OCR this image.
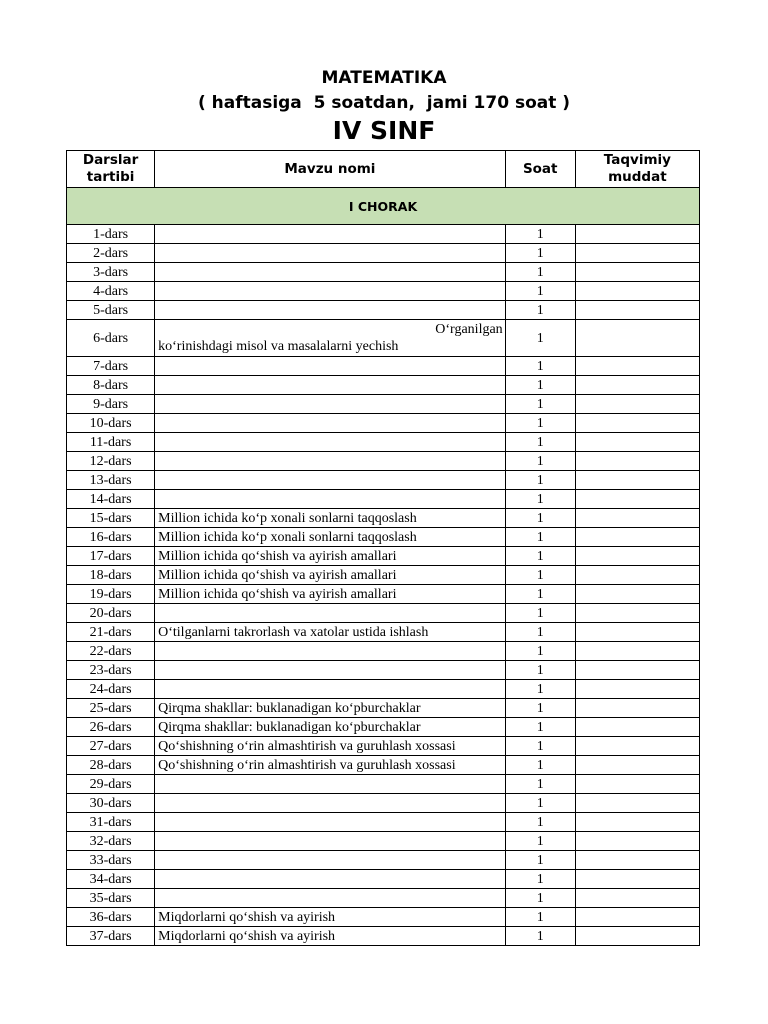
MATEMATIKA
( haftasiga  5 soatdan,  jami 170 soat )
IV SINF
Darslar tartibi	Mavzu nomi	Soat	Taqvimiy muddat
I CHORAK			
1-dars		1	
2-dars		1	
3-dars		1	
4-dars		1	
5-dars		1	
6-dars	O‘rganilgan
ko‘rinishdagi misol va masalalarni yechish	1	
7-dars		1	
8-dars		1	
9-dars		1	
10-dars		1	
11-dars		1	
12-dars		1	
13-dars		1	
14-dars		1	
15-dars	Million ichida ko‘p xonali sonlarni taqqoslash	1	
16-dars	Million ichida ko‘p xonali sonlarni taqqoslash	1	
17-dars	Million ichida qo‘shish va ayirish amallari	1	
18-dars	Million ichida qo‘shish va ayirish amallari	1	
19-dars	Million ichida qo‘shish va ayirish amallari	1	
20-dars		1	
21-dars	O‘tilganlarni takrorlash va xatolar ustida ishlash	1	
22-dars		1	
23-dars		1	
24-dars		1	
25-dars	Qirqma shakllar: buklanadigan ko‘pburchaklar	1	
26-dars	Qirqma shakllar: buklanadigan ko‘pburchaklar	1	
27-dars	Qo‘shishning o‘rin almashtirish va guruhlash xossasi	1	
28-dars	Qo‘shishning o‘rin almashtirish va guruhlash xossasi	1	
29-dars		1	
30-dars		1	
31-dars		1	
32-dars		1	
33-dars		1	
34-dars		1	
35-dars		1	
36-dars	Miqdorlarni qo‘shish va ayirish	1	
37-dars	Miqdorlarni qo‘shish va ayirish	1	
